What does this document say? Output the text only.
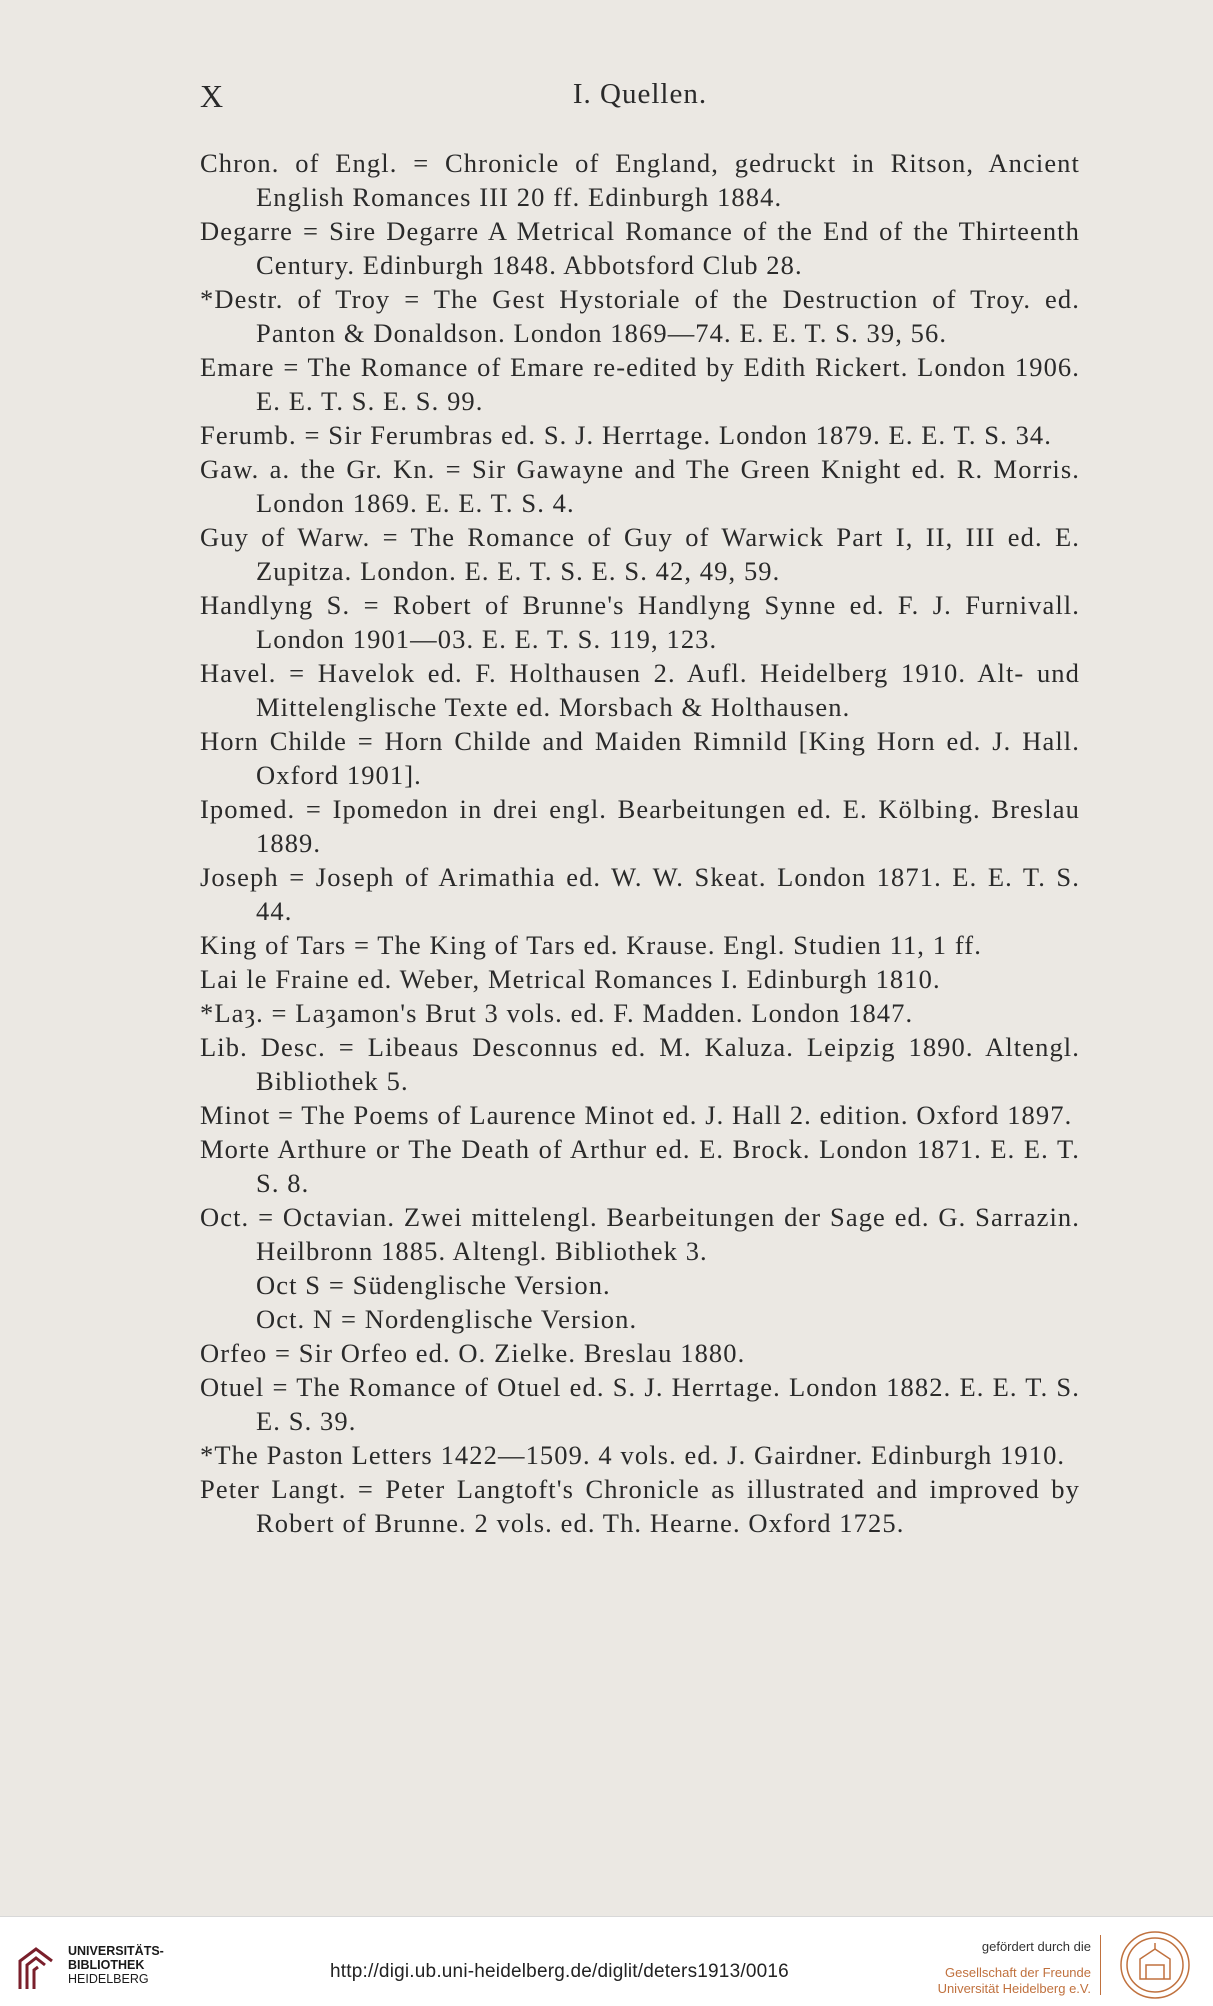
X	I. Quellen.
Chron. of Engl. = Chronicle of England, gedruckt in Ritson, Ancient English Romances III 20 ff. Edinburgh 1884.
Degarre = Sire Degarre A Metrical Romance of the End of the Thirteenth Century. Edinburgh 1848. Abbotsford Club 28.
*Destr. of Troy = The Gest Hystoriale of the Destruction of Troy. ed. Panton & Donaldson. London 1869—74. E. E. T. S. 39, 56.
Emare = The Romance of Emare re-edited by Edith Rickert. London 1906. E. E. T. S. E. S. 99.
Ferumb. = Sir Ferumbras ed. S. J. Herrtage. London 1879. E. E. T. S. 34.
Gaw. a. the Gr. Kn. = Sir Gawayne and The Green Knight ed. R. Morris. London 1869. E. E. T. S. 4.
Guy of Warw. = The Romance of Guy of Warwick Part I, II, III ed. E. Zupitza. London. E. E. T. S. E. S. 42, 49, 59.
Handlyng S. = Robert of Brunne's Handlyng Synne ed. F. J. Furnivall. London 1901—03. E. E. T. S. 119, 123.
Havel. = Havelok ed. F. Holthausen 2. Aufl. Heidelberg 1910. Alt- und Mittelenglische Texte ed. Morsbach & Holthausen.
Horn Childe = Horn Childe and Maiden Rimnild [King Horn ed. J. Hall. Oxford 1901].
Ipomed. = Ipomedon in drei engl. Bearbeitungen ed. E. Kölbing. Breslau 1889.
Joseph = Joseph of Arimathia ed. W. W. Skeat. London 1871. E. E. T. S. 44.
King of Tars = The King of Tars ed. Krause. Engl. Studien 11, 1 ff.
Lai le Fraine ed. Weber, Metrical Romances I. Edinburgh 1810.
*Laȝ. = Laȝamon's Brut 3 vols. ed. F. Madden. London 1847.
Lib. Desc. = Libeaus Desconnus ed. M. Kaluza. Leipzig 1890. Altengl. Bibliothek 5.
Minot = The Poems of Laurence Minot ed. J. Hall 2. edition. Oxford 1897.
Morte Arthure or The Death of Arthur ed. E. Brock. London 1871. E. E. T. S. 8.
Oct. = Octavian. Zwei mittelengl. Bearbeitungen der Sage ed. G. Sarrazin. Heilbronn 1885. Altengl. Bibliothek 3.
Oct S = Südenglische Version.
Oct. N = Nordenglische Version.
Orfeo = Sir Orfeo ed. O. Zielke. Breslau 1880.
Otuel = The Romance of Otuel ed. S. J. Herrtage. London 1882. E. E. T. S. E. S. 39.
*The Paston Letters 1422—1509. 4 vols. ed. J. Gairdner. Edinburgh 1910.
Peter Langt. = Peter Langtoft's Chronicle as illustrated and improved by Robert of Brunne. 2 vols. ed. Th. Hearne. Oxford 1725.
UNIVERSITÄTS-
BIBLIOTHEK
HEIDELBERG	http://digi.ub.uni-heidelberg.de/diglit/deters1913/0016
gefördert durch die
Gesellschaft der Freunde
Universität Heidelberg e.V.
